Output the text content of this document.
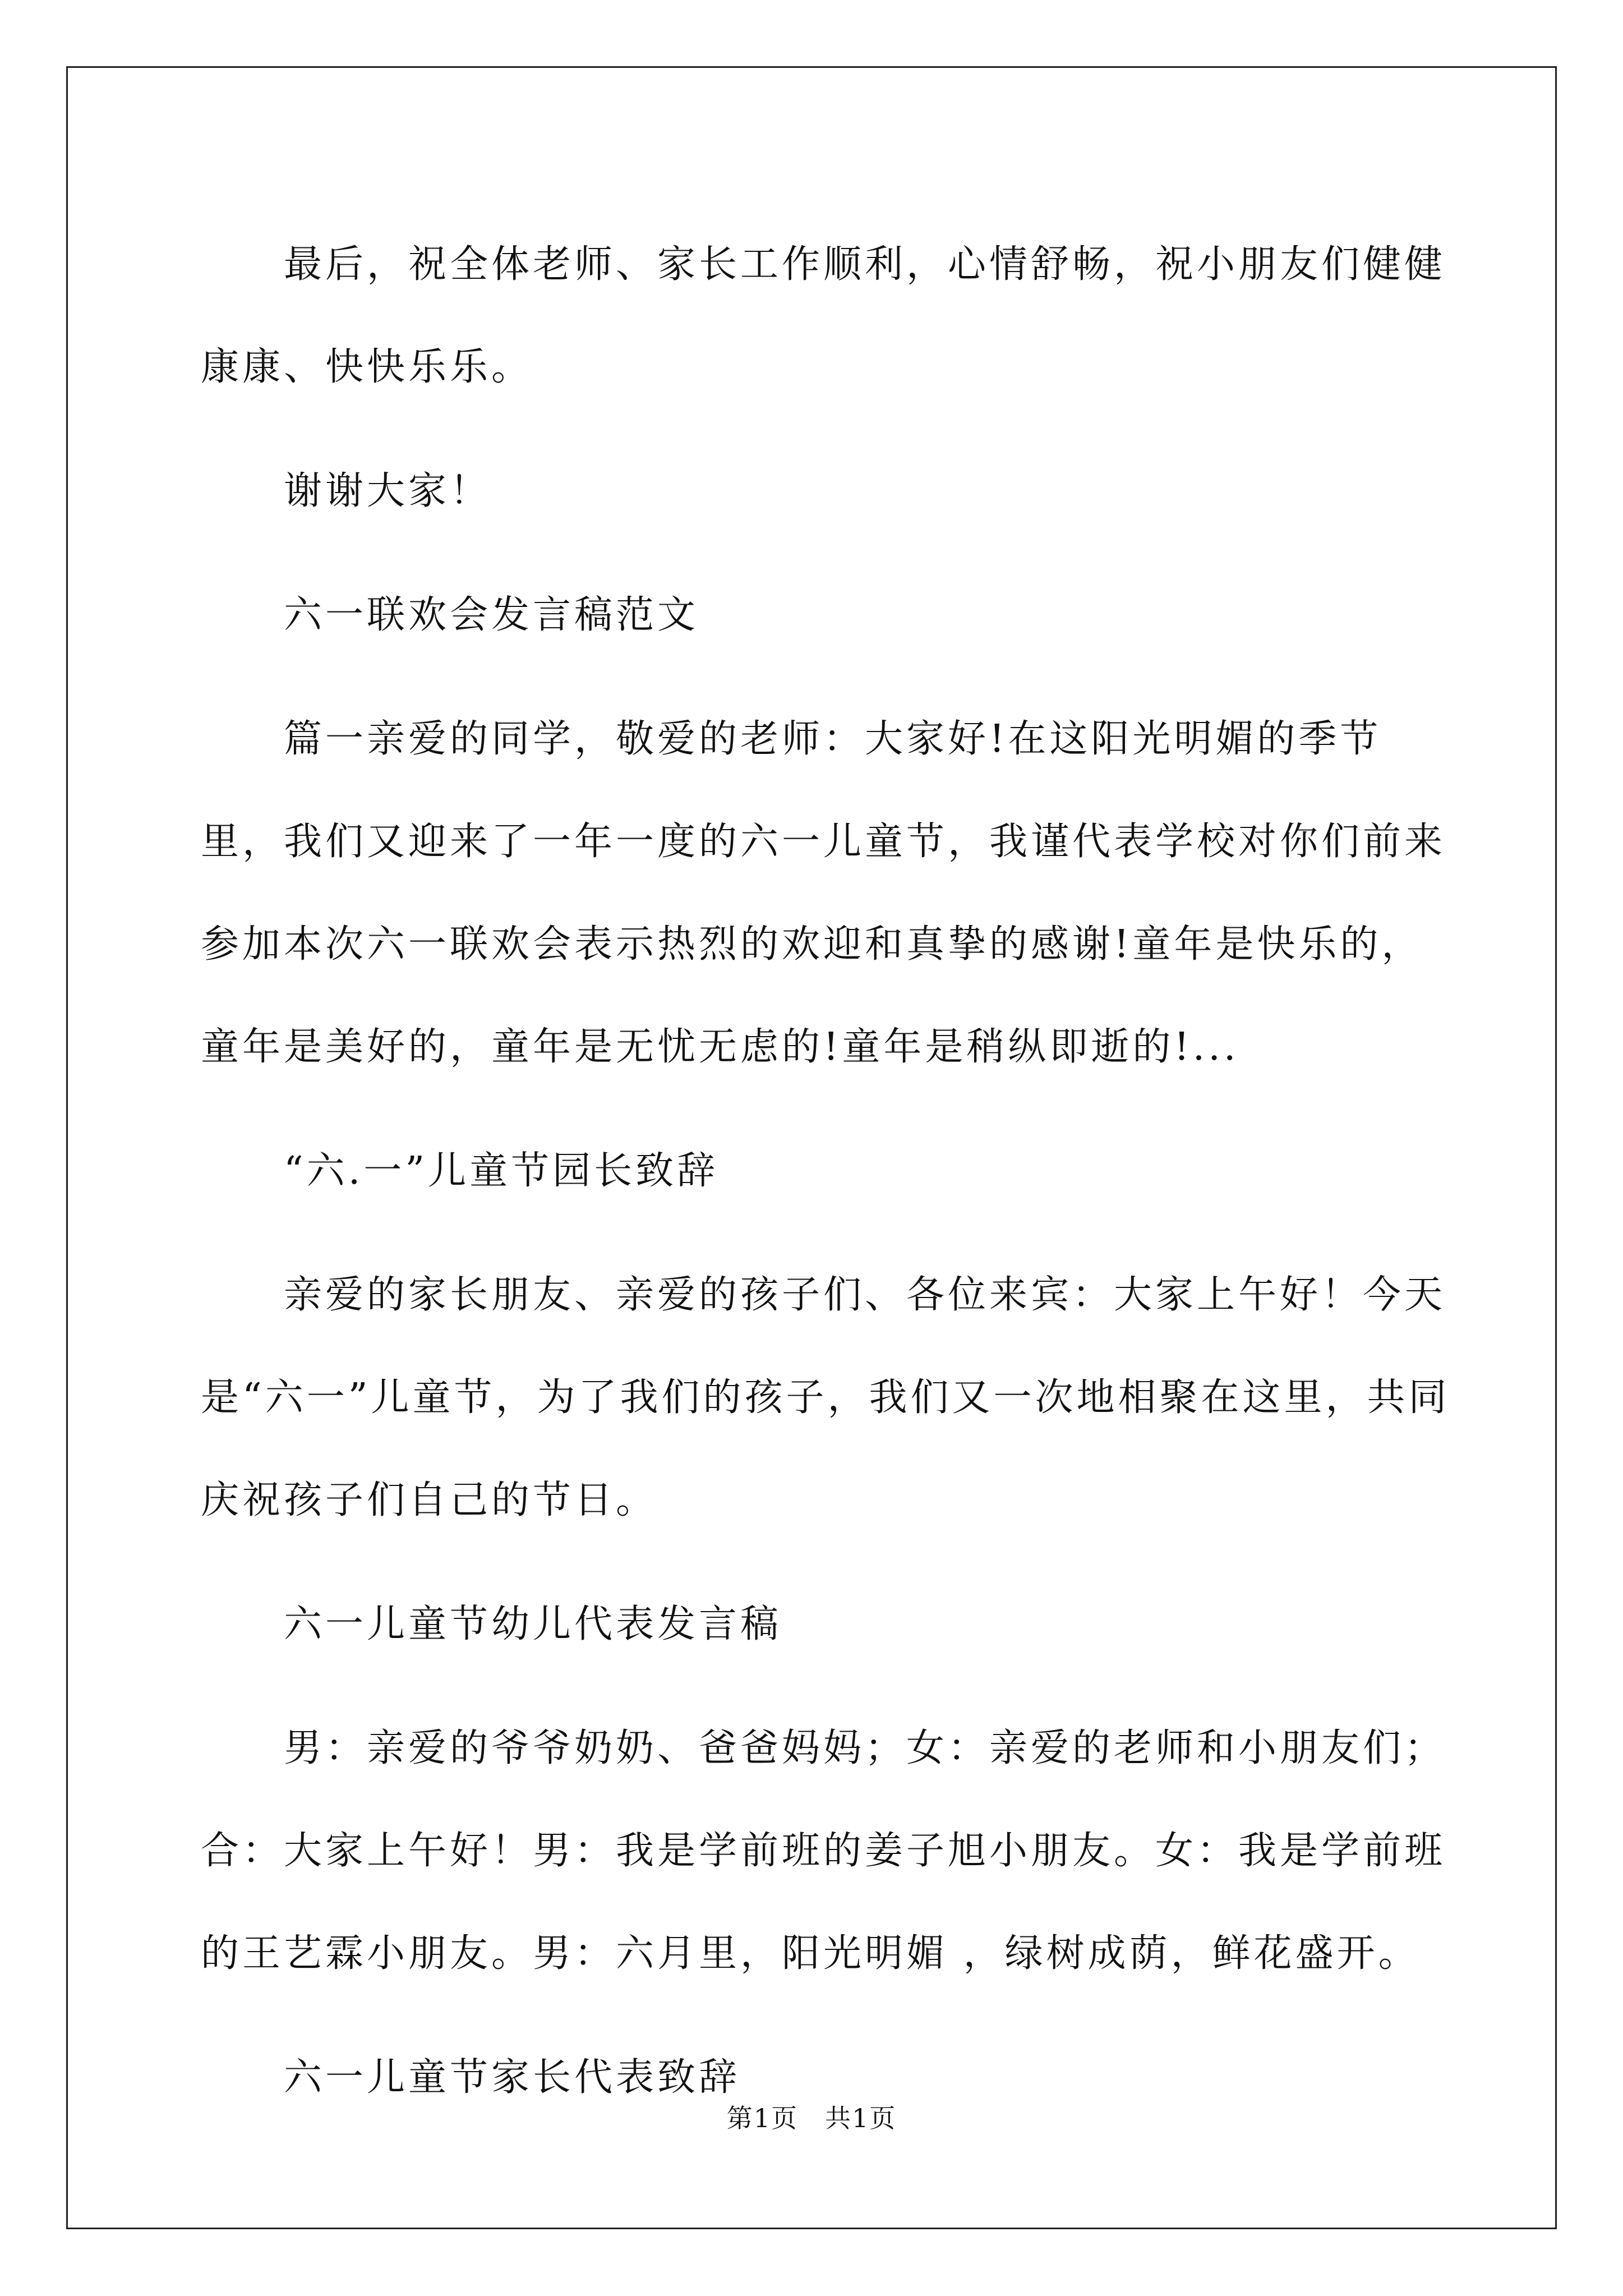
最后，祝全体老师、家长工作顺利，心情舒畅，祝小朋友们健健康康、快快乐乐。

谢谢大家！

六一联欢会发言稿范文

篇一亲爱的同学，敬爱的老师：大家好!在这阳光明媚的季节里，我们又迎来了一年一度的六一儿童节，我谨代表学校对你们前来参加本次六一联欢会表示热烈的欢迎和真挚的感谢!童年是快乐的，童年是美好的，童年是无忧无虑的!童年是稍纵即逝的!...

“六.一”儿童节园长致辞

亲爱的家长朋友、亲爱的孩子们、各位来宾：大家上午好！今天是“六一”儿童节，为了我们的孩子，我们又一次地相聚在这里，共同庆祝孩子们自己的节日。

六一儿童节幼儿代表发言稿

男：亲爱的爷爷奶奶、爸爸妈妈；女：亲爱的老师和小朋友们；合：大家上午好！男：我是学前班的姜子旭小朋友。女：我是学前班的王艺霖小朋友。男：六月里，阳光明媚 ，绿树成荫，鲜花盛开。

六一儿童节家长代表致辞

第1页　共1页
